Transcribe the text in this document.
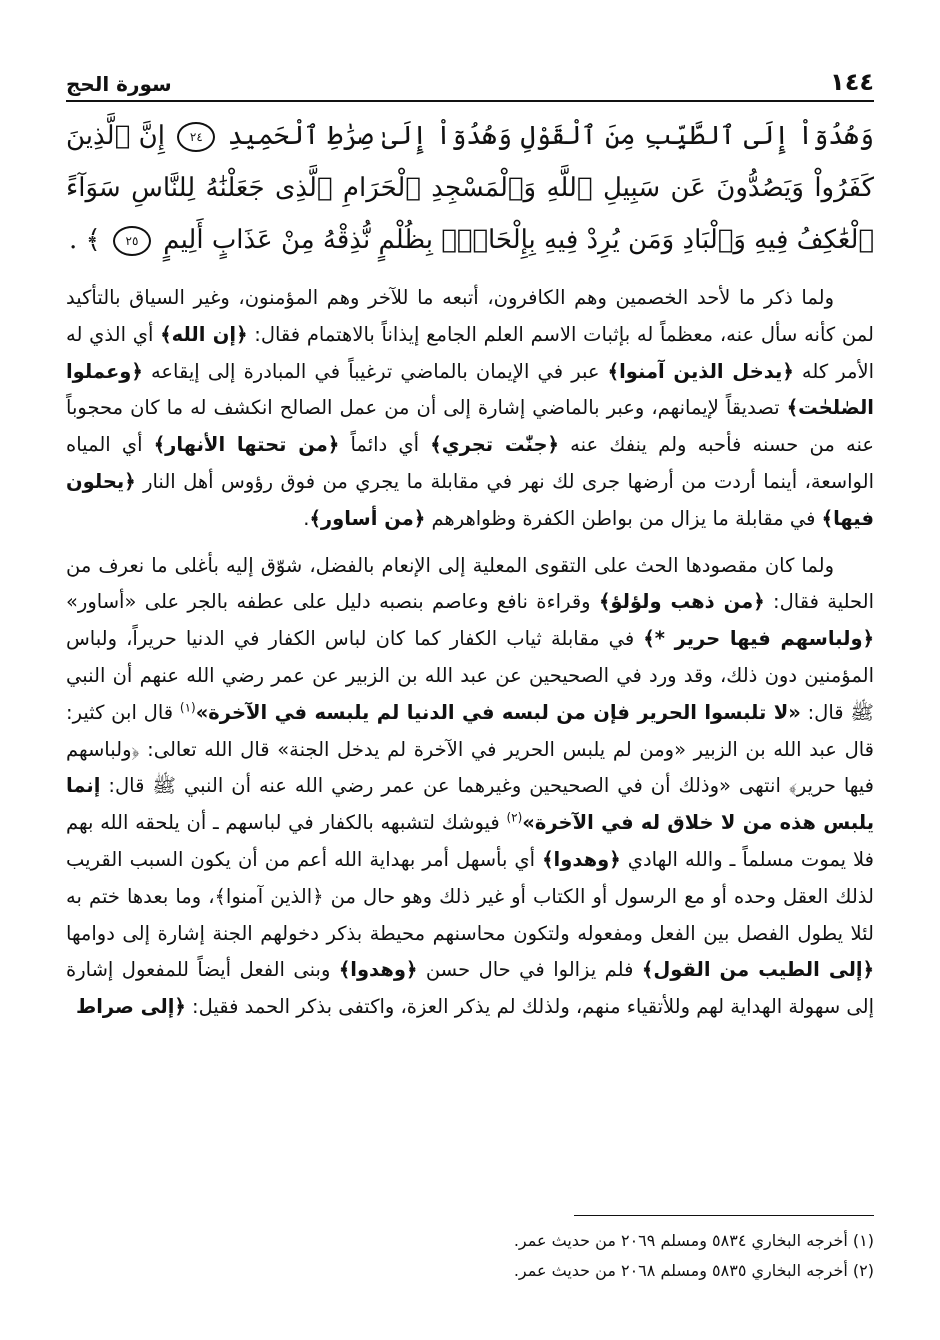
سورة الحج	١٤٤

وَهُدُوٓاْ إِلَى ٱلطَّيِّبِ مِنَ ٱلْقَوْلِ وَهُدُوٓاْ إِلَىٰ صِرَٰطِ ٱلْحَمِيدِ ٢٤ إِنَّ ٱلَّذِينَ كَفَرُواْ وَيَصُدُّونَ عَن سَبِيلِ ٱللَّهِ وَٱلْمَسْجِدِ ٱلْحَرَامِ ٱلَّذِى جَعَلْنَٰهُ لِلنَّاسِ سَوَآءً ٱلْعَٰكِفُ فِيهِ وَٱلْبَادِ وَمَن يُرِدْ فِيهِ بِإِلْحَادٍۭ بِظُلْمٍ نُّذِقْهُ مِنْ عَذَابٍ أَلِيمٍ ٢٥ ﴾ .

ولما ذكر ما لأحد الخصمين وهم الكافرون، أتبعه ما للآخر وهم المؤمنون، وغير السياق بالتأكيد لمن كأنه سأل عنه، معظماً له بإثبات الاسم العلم الجامع إيذاناً بالاهتمام فقال: ﴿إن الله﴾ أي الذي له الأمر كله ﴿يدخل الذين آمنوا﴾ عبر في الإيمان بالماضي ترغيباً في المبادرة إلى إيقاعه ﴿وعملوا الصٰلحٰت﴾ تصديقاً لإيمانهم، وعبر بالماضي إشارة إلى أن من عمل الصالح انكشف له ما كان محجوباً عنه من حسنه فأحبه ولم ينفك عنه ﴿جنّٰت تجري﴾ أي دائماً ﴿من تحتها الأنهار﴾ أي المياه الواسعة، أينما أردت من أرضها جرى لك نهر في مقابلة ما يجري من فوق رؤوس أهل النار ﴿يحلون فيها﴾ في مقابلة ما يزال من بواطن الكفرة وظواهرهم ﴿من أساور﴾.

ولما كان مقصودها الحث على التقوى المعلية إلى الإنعام بالفضل، شوّق إليه بأغلى ما نعرف من الحلية فقال: ﴿من ذهب ولؤلؤ﴾ وقراءة نافع وعاصم بنصبه دليل على عطفه بالجر على «أساور» ﴿ولباسهم فيها حرير *﴾ في مقابلة ثياب الكفار كما كان لباس الكفار في الدنيا حريراً، ولباس المؤمنين دون ذلك، وقد ورد في الصحيحين عن عبد الله بن الزبير عن عمر رضي الله عنهم أن النبي ﷺ قال: «لا تلبسوا الحرير فإن من لبسه في الدنيا لم يلبسه في الآخرة»$^{(١)}$ قال ابن كثير: قال عبد الله بن الزبير «ومن لم يلبس الحرير في الآخرة لم يدخل الجنة» قال الله تعالى: ﴿ولباسهم فيها حرير﴾ انتهى «وذلك أن في الصحيحين وغيرهما عن عمر رضي الله عنه أن النبي ﷺ قال: إنما يلبس هذه من لا خلاق له في الآخرة»$^{(٢)}$ فيوشك لتشبهه بالكفار في لباسهم ـ أن يلحقه الله بهم فلا يموت مسلماً ـ والله الهادي ﴿وهدوا﴾ أي بأسهل أمر بهداية الله أعم من أن يكون السبب القريب لذلك العقل وحده أو مع الرسول أو الكتاب أو غير ذلك وهو حال من ﴿الذين آمنوا﴾، وما بعدها ختم به لئلا يطول الفصل بين الفعل ومفعوله ولتكون محاسنهم محيطة بذكر دخولهم الجنة إشارة إلى دوامها ﴿إلى الطيب من القول﴾ فلم يزالوا في حال حسن ﴿وهدوا﴾ وبنى الفعل أيضاً للمفعول إشارة إلى سهولة الهداية لهم وللأتقياء منهم، ولذلك لم يذكر العزة، واكتفى بذكر الحمد فقيل: ﴿إلى صراط

(١) أخرجه البخاري ٥٨٣٤ ومسلم ٢٠٦٩ من حديث عمر.
(٢) أخرجه البخاري ٥٨٣٥ ومسلم ٢٠٦٨ من حديث عمر.
